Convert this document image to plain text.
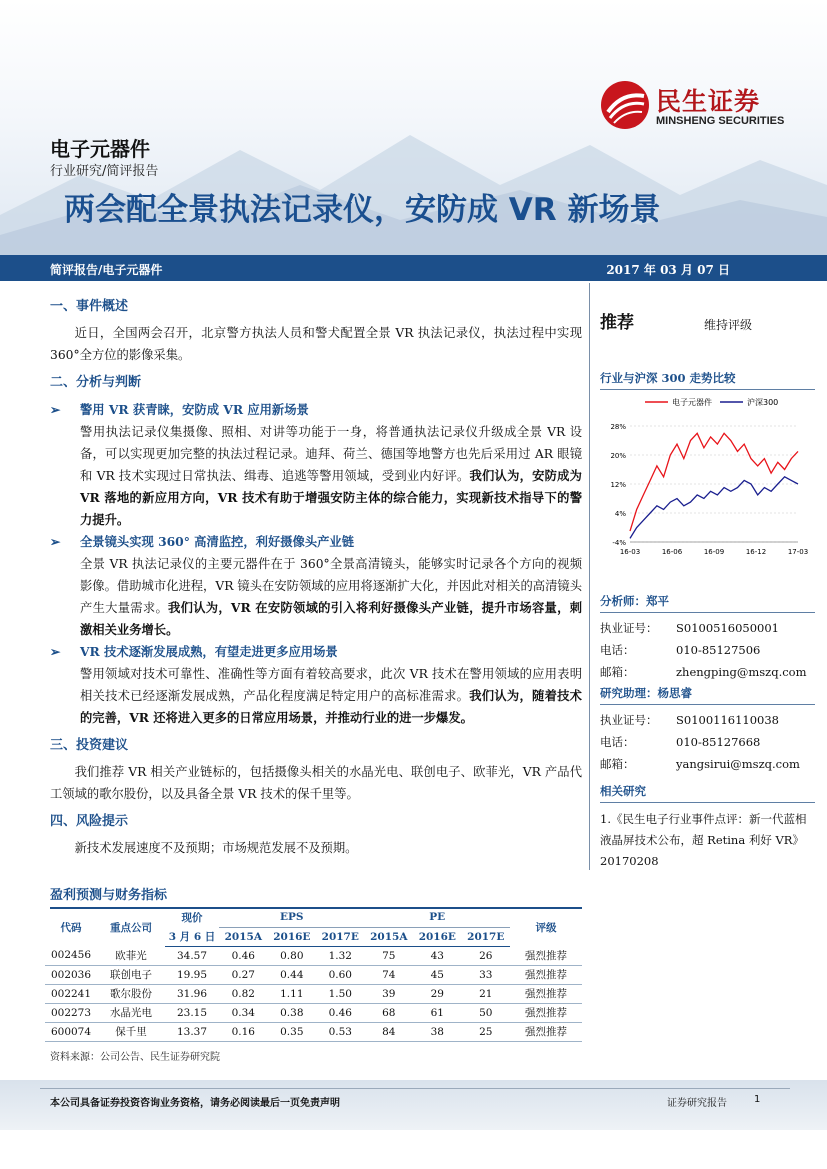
民生证券
MINSHENG SECURITIES
电子元器件
行业研究/简评报告
两会配全景执法记录仪，安防成 VR 新场景
简评报告/电子元器件	2017 年 03 月 07 日
一、事件概述
近日，全国两会召开，北京警方执法人员和警犬配置全景 VR 执法记录仪，执法过程中实现 360°全方位的影像采集。
二、分析与判断
➢	警用 VR 获青睐，安防成 VR 应用新场景
警用执法记录仪集摄像、照相、对讲等功能于一身，将普通执法记录仪升级成全景 VR 设备，可以实现更加完整的执法过程记录。迪拜、荷兰、德国等地警方也先后采用过 AR 眼镜和 VR 技术实现过日常执法、缉毒、追逃等警用领域，受到业内好评。我们认为，安防成为 VR 落地的新应用方向，VR 技术有助于增强安防主体的综合能力，实现新技术指导下的警力提升。
➢	全景镜头实现 360° 高清监控，利好摄像头产业链
全景 VR 执法记录仪的主要元器件在于 360°全景高清镜头，能够实时记录各个方向的视频影像。借助城市化进程，VR 镜头在安防领域的应用将逐渐扩大化，并因此对相关的高清镜头产生大量需求。我们认为，VR 在安防领域的引入将利好摄像头产业链，提升市场容量，刺激相关业务增长。
➢	VR 技术逐渐发展成熟，有望走进更多应用场景
警用领域对技术可靠性、准确性等方面有着较高要求，此次 VR 技术在警用领域的应用表明相关技术已经逐渐发展成熟，产品化程度满足特定用户的高标准需求。我们认为，随着技术的完善，VR 还将进入更多的日常应用场景，并推动行业的进一步爆发。
三、投资建议
我们推荐 VR 相关产业链标的，包括摄像头相关的水晶光电、联创电子、欧菲光，VR 产品代工领域的歌尔股份，以及具备全景 VR 技术的保千里等。
四、风险提示
新技术发展速度不及预期；市场规范发展不及预期。
推荐	维持评级
行业与沪深 300 走势比较
电子元器件	沪深300
28%
20%
12%
4%
-4%
16-03	16-06	16-09	16-12	17-03
分析师：郑平
执业证号：	S0100516050001
电话：	010-85127506
邮箱：	zhengping@mszq.com
研究助理：杨思睿
执业证号：	S0100116110038
电话：	010-85127668
邮箱：	yangsirui@mszq.com
相关研究
1.《民生电子行业事件点评：新一代蓝相液晶屏技术公布，超 Retina 利好 VR》20170208
盈利预测与财务指标
代码	重点公司	现价	EPS			PE			评级
		3 月 6 日	2015A	2016E	2017E	2015A	2016E	2017E	
002456	欧菲光	34.57	0.46	0.80	1.32	75	43	26	强烈推荐
002036	联创电子	19.95	0.27	0.44	0.60	74	45	33	强烈推荐
002241	歌尔股份	31.96	0.82	1.11	1.50	39	29	21	强烈推荐
002273	水晶光电	23.15	0.34	0.38	0.46	68	61	50	强烈推荐
600074	保千里	13.37	0.16	0.35	0.53	84	38	25	强烈推荐
资料来源：公司公告、民生证券研究院
本公司具备证券投资咨询业务资格，请务必阅读最后一页免责声明	证券研究报告	1
